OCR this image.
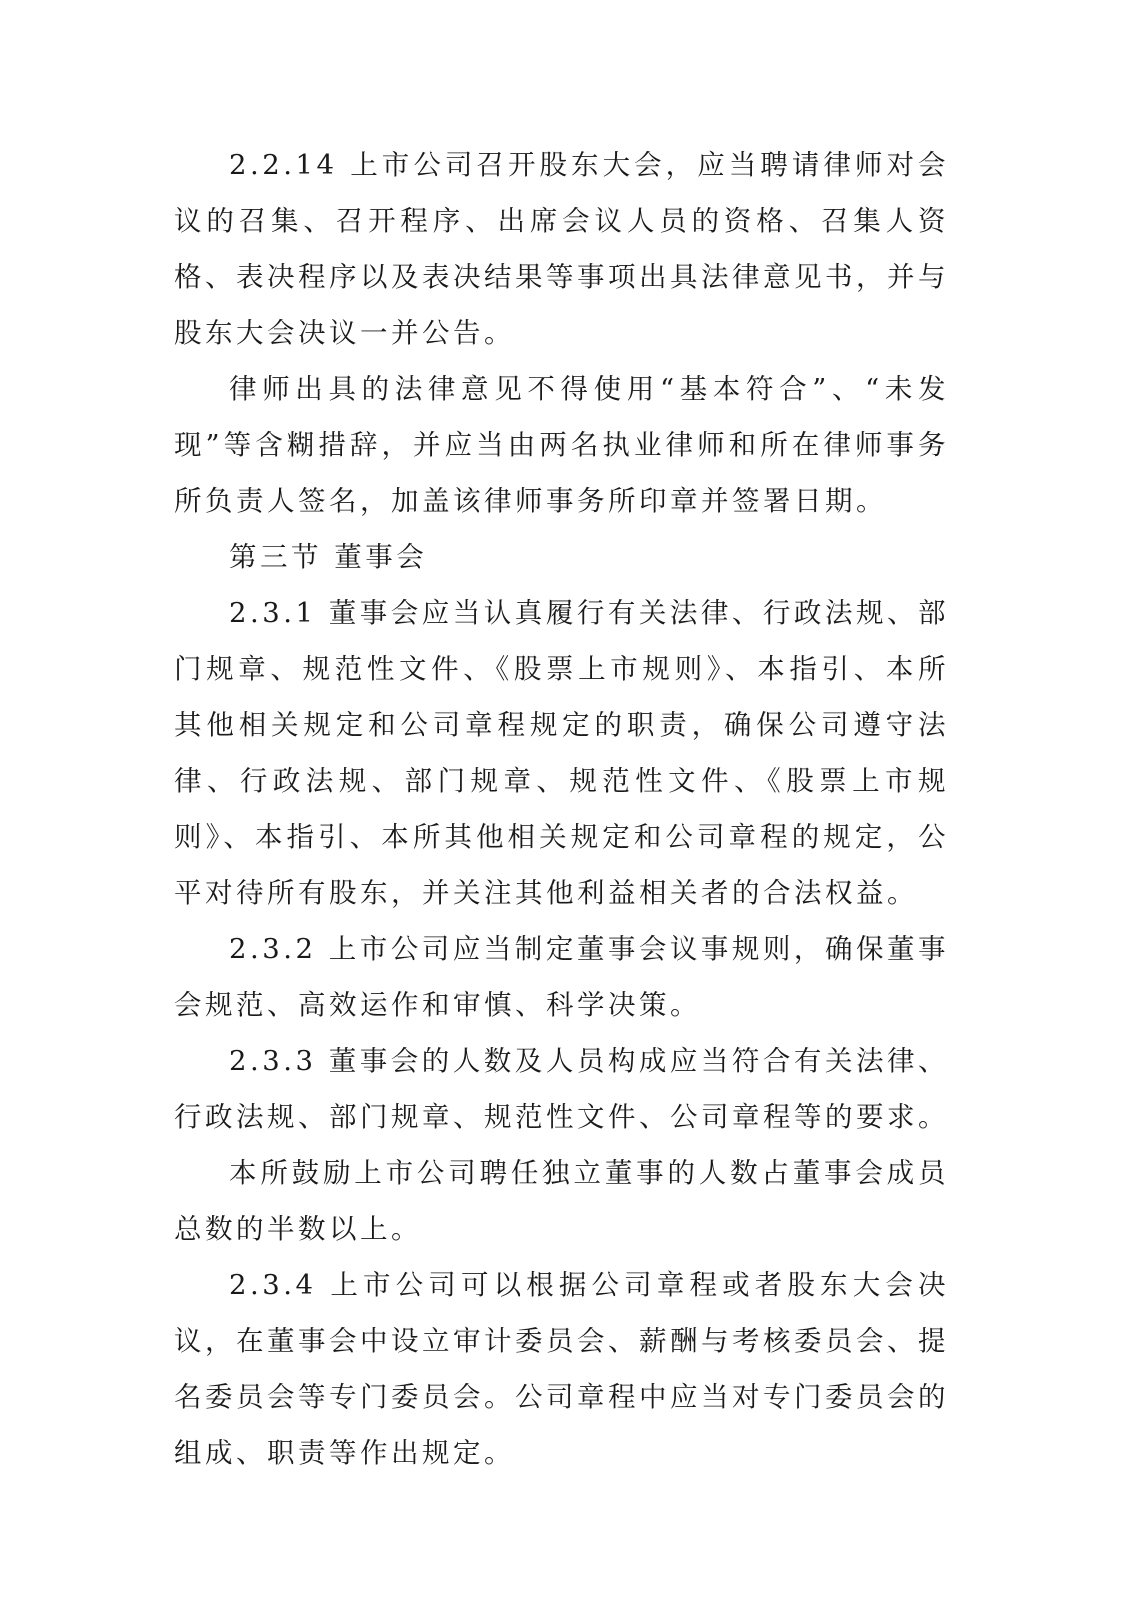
2.2.14 上市公司召开股东大会，应当聘请律师对会议的召集、召开程序、出席会议人员的资格、召集人资格、表决程序以及表决结果等事项出具法律意见书，并与股东大会决议一并公告。

律师出具的法律意见不得使用“基本符合”、“未发现”等含糊措辞，并应当由两名执业律师和所在律师事务所负责人签名，加盖该律师事务所印章并签署日期。

第三节 董事会

2.3.1 董事会应当认真履行有关法律、行政法规、部门规章、规范性文件、《股票上市规则》、本指引、本所其他相关规定和公司章程规定的职责，确保公司遵守法律、行政法规、部门规章、规范性文件、《股票上市规则》、本指引、本所其他相关规定和公司章程的规定，公平对待所有股东，并关注其他利益相关者的合法权益。

2.3.2 上市公司应当制定董事会议事规则，确保董事会规范、高效运作和审慎、科学决策。

2.3.3 董事会的人数及人员构成应当符合有关法律、行政法规、部门规章、规范性文件、公司章程等的要求。

本所鼓励上市公司聘任独立董事的人数占董事会成员总数的半数以上。

2.3.4 上市公司可以根据公司章程或者股东大会决议，在董事会中设立审计委员会、薪酬与考核委员会、提名委员会等专门委员会。公司章程中应当对专门委员会的组成、职责等作出规定。
